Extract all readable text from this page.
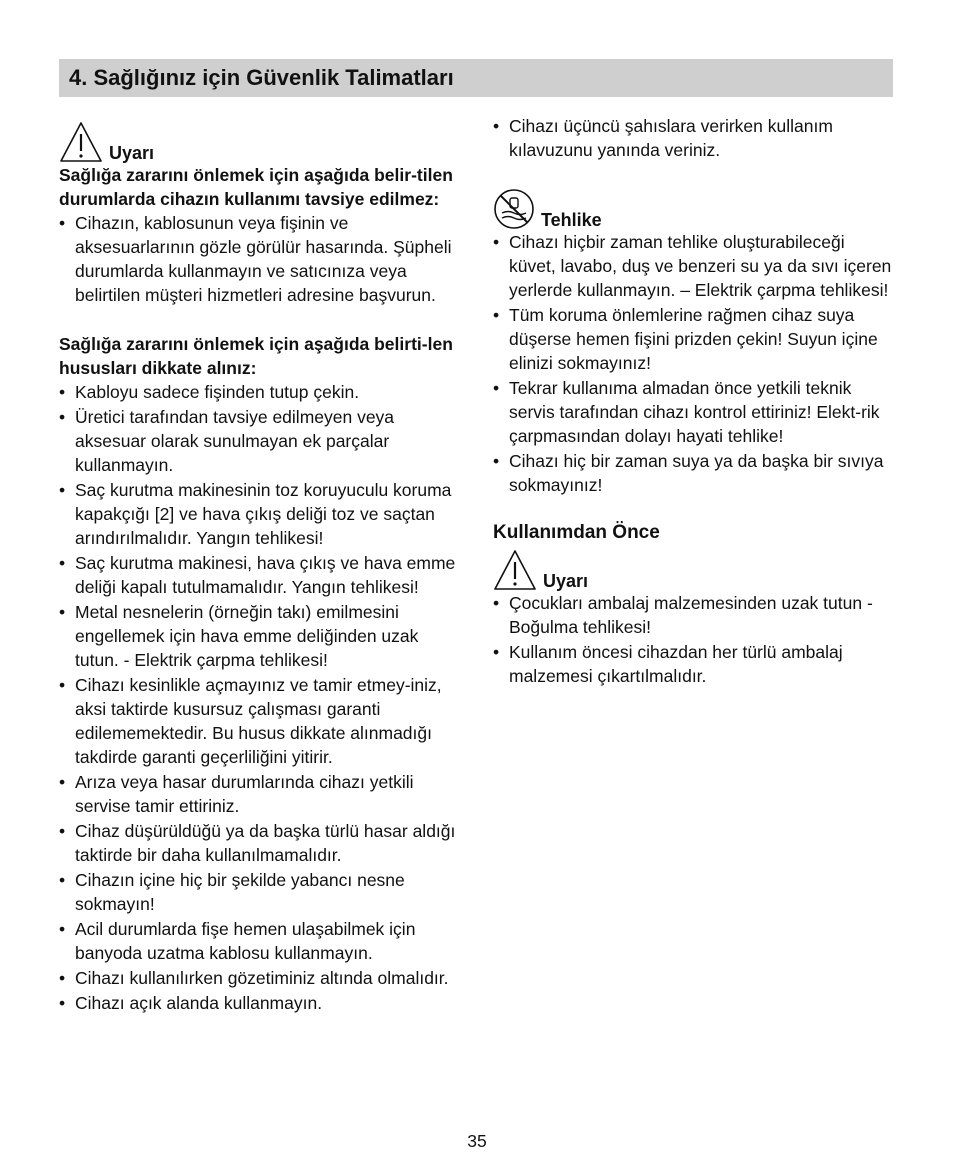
4. Sağlığınız için Güvenlik Talimatları
Uyarı
Sağlığa zararını önlemek için aşağıda belir-tilen durumlarda cihazın kullanımı tavsiye edilmez:
• Cihazın, kablosunun veya fişinin ve aksesuarlarının gözle görülür hasarında. Şüpheli durumlarda kullanmayın ve satıcınıza veya belirtilen müşteri hizmetleri adresine başvurun.
Sağlığa zararını önlemek için aşağıda belirti-len hususları dikkate alınız:
• Kabloyu sadece fişinden tutup çekin.
• Üretici tarafından tavsiye edilmeyen veya aksesuar olarak sunulmayan ek parçalar kullanmayın.
• Saç kurutma makinesinin toz koruyuculu koruma kapakçığı [2] ve hava çıkış deliği toz ve saçtan arındırılmalıdır. Yangın tehlikesi!
• Saç kurutma makinesi, hava çıkış ve hava emme deliği kapalı tutulmamalıdır. Yangın tehlikesi!
• Metal nesnelerin (örneğin takı) emilmesini engellemek için hava emme deliğinden uzak tutun. - Elektrik çarpma tehlikesi!
• Cihazı kesinlikle açmayınız ve tamir etmey-iniz, aksi taktirde kusursuz çalışması garanti edilememektedir. Bu husus dikkate alınmadığı takdirde garanti geçerliliğini yitirir.
• Arıza veya hasar durumlarında cihazı yetkili servise tamir ettiriniz.
• Cihaz düşürüldüğü ya da başka türlü hasar aldığı taktirde bir daha kullanılmamalıdır.
• Cihazın içine hiç bir şekilde yabancı nesne sokmayın!
• Acil durumlarda fişe hemen ulaşabilmek için banyoda uzatma kablosu kullanmayın.
• Cihazı kullanılırken gözetiminiz altında olmalıdır.
• Cihazı açık alanda kullanmayın.
• Cihazı üçüncü şahıslara verirken kullanım kılavuzunu yanında veriniz.
Tehlike
• Cihazı hiçbir zaman tehlike oluşturabileceği küvet, lavabo, duş ve benzeri su ya da sıvı içeren yerlerde kullanmayın. – Elektrik çarpma tehlikesi!
• Tüm koruma önlemlerine rağmen cihaz suya düşerse hemen fişini prizden çekin! Suyun içine elinizi sokmayınız!
• Tekrar kullanıma almadan önce yetkili teknik servis tarafından cihazı kontrol ettiriniz! Elekt-rik çarpmasından dolayı hayati tehlike!
• Cihazı hiç bir zaman suya ya da başka bir sıvıya sokmayınız!
Kullanımdan Önce
Uyarı
• Çocukları ambalaj malzemesinden uzak tutun - Boğulma tehlikesi!
• Kullanım öncesi cihazdan her türlü ambalaj malzemesi çıkartılmalıdır.
35
